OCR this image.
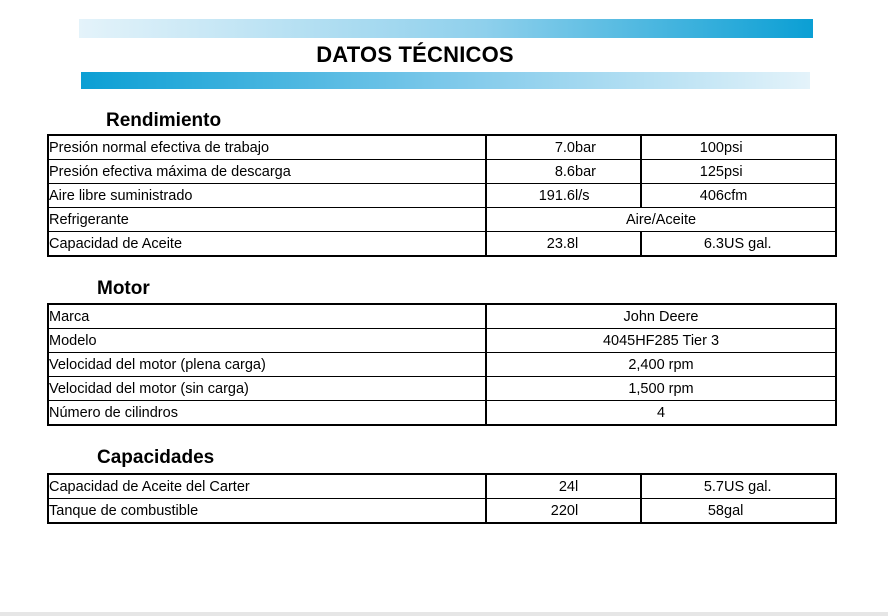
DATOS TÉCNICOS
Rendimiento
Presión normal efectiva de trabajo	7.0	bar	100	psi
Presión efectiva máxima de descarga	8.6	bar	125	psi
Aire libre suministrado	191.6	l/s	406	cfm
Refrigerante	Aire/Aceite			
Capacidad de Aceite	23.8	l	6.3	US gal.
Motor
Marca	John Deere
Modelo	4045HF285 Tier 3
Velocidad del motor (plena carga)	2,400 rpm
Velocidad del motor (sin carga)	1,500 rpm
Número de cilindros	4
Capacidades
Capacidad de Aceite del Carter	24	l	5.7	US gal.
Tanque de combustible	220	l	58	gal
